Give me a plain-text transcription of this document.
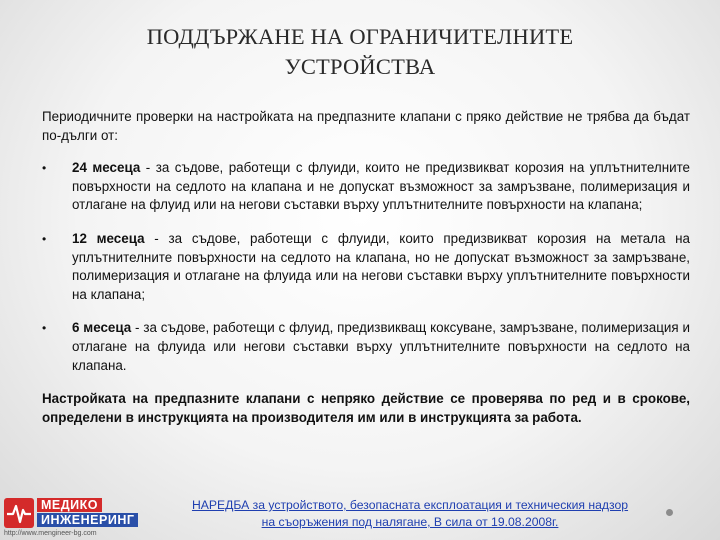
ПОДДЪРЖАНЕ НА ОГРАНИЧИТЕЛНИТЕ
УСТРОЙСТВА

Периодичните проверки на настройката на предпазните клапани с пряко действие не трябва да бъдат по-дълги от:

• 24 месеца - за съдове, работещи с флуиди, които не предизвикват корозия на уплътнителните повърхности на седлото на клапана и не допускат възможност за замръзване, полимеризация и отлагане на флуид или на негови съставки върху уплътнителните повърхности на клапана;
• 12 месеца - за съдове, работещи с флуиди, които предизвикват корозия на метала на уплътнителните повърхности на седлото на клапана, но не допускат възможност за замръзване, полимеризация и отлагане на флуида или на негови съставки върху уплътнителните повърхности на клапана;
• 6 месеца - за съдове, работещи с флуид, предизвикващ коксуване, замръзване, полимеризация и отлагане на флуида или негови съставки върху уплътнителните повърхности на седлото на клапана.

Настройката на предпазните клапани с непряко действие се проверява по ред и в срокове, определени в инструкцията на производителя им или в инструкцията за работа.

НАРЕДБА за устройството, безопасната експлоатация и техническия надзор
на съоръжения под налягане, В сила от 19.08.2008г.
МЕДИКО
ИНЖЕНЕРИНГ
http://www.mengineer-bg.com
